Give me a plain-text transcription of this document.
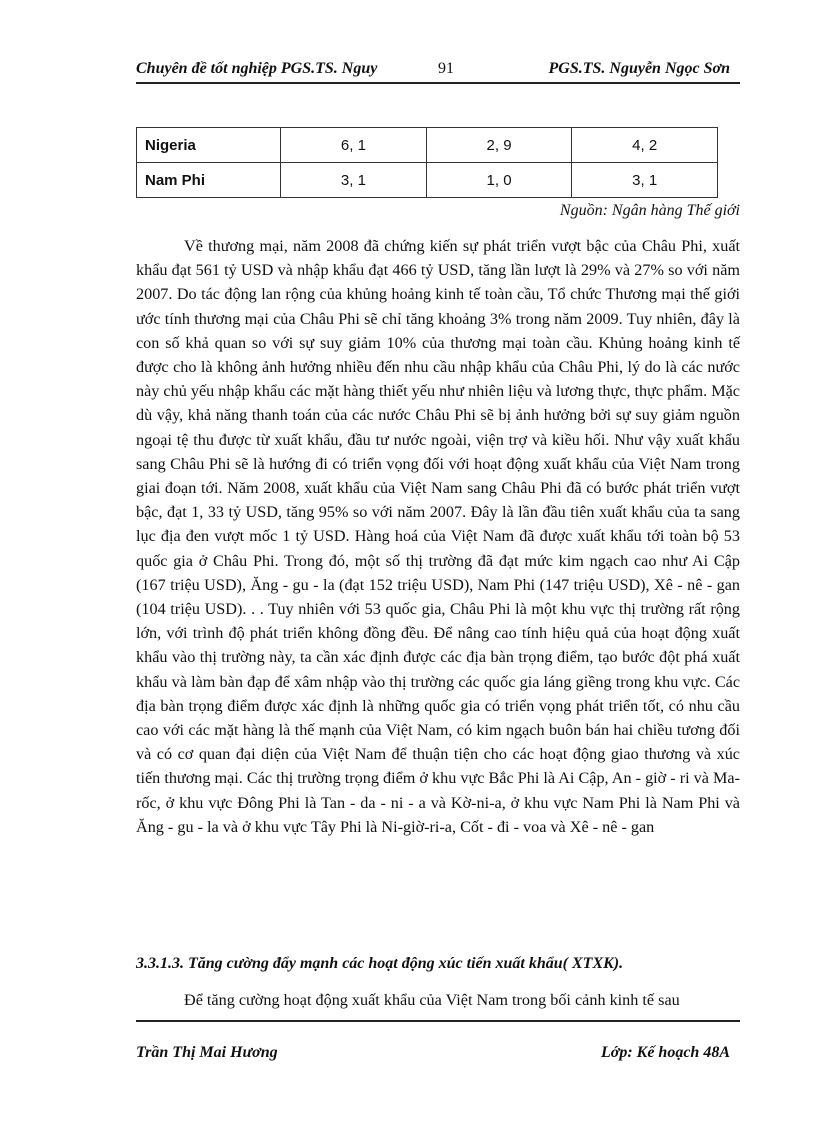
Chuyên đề tốt nghiệp PGS.TS. Nguy	91	PGS.TS. Nguyễn Ngọc Sơn
Nigeria	6, 1	2, 9	4, 2
Nam Phi	3, 1	1, 0	3, 1
Nguồn: Ngân hàng Thế giới

Về thương mại, năm 2008 đã chứng kiến sự phát triển vượt bậc của Châu Phi, xuất khẩu đạt 561 tỷ USD và nhập khẩu đạt 466 tỷ USD, tăng lần lượt là 29% và 27% so với năm 2007. Do tác động lan rộng của khủng hoảng kinh tế toàn cầu, Tổ chức Thương mại thế giới ước tính thương mại của Châu Phi sẽ chỉ tăng khoảng 3% trong năm 2009. Tuy nhiên, đây là con số khả quan so với sự suy giảm 10% của thương mại toàn cầu. Khủng hoảng kinh tế được cho là không ảnh hưởng nhiều đến nhu cầu nhập khẩu của Châu Phi, lý do là các nước này chủ yếu nhập khẩu các mặt hàng thiết yếu như nhiên liệu và lương thực, thực phẩm. Mặc dù vậy, khả năng thanh toán của các nước Châu Phi sẽ bị ảnh hưởng bởi sự suy giảm nguồn ngoại tệ thu được từ xuất khẩu, đầu tư nước ngoài, viện trợ và kiều hối. Như vậy xuất khẩu sang Châu Phi sẽ là hướng đi có triển vọng đối với hoạt động xuất khẩu của Việt Nam trong giai đoạn tới. Năm 2008, xuất khẩu của Việt Nam sang Châu Phi đã có bước phát triển vượt bậc, đạt 1, 33 tỷ USD, tăng 95% so với năm 2007. Đây là lần đầu tiên xuất khẩu của ta sang lục địa đen vượt mốc 1 tỷ USD. Hàng hoá của Việt Nam đã được xuất khẩu tới toàn bộ 53 quốc gia ở Châu Phi. Trong đó, một số thị trường đã đạt mức kim ngạch cao như Ai Cập (167 triệu USD), Ăng - gu - la (đạt 152 triệu USD), Nam Phi (147 triệu USD), Xê - nê - gan (104 triệu USD). . . Tuy nhiên với 53 quốc gia, Châu Phi là một khu vực thị trường rất rộng lớn, với trình độ phát triển không đồng đều. Để nâng cao tính hiệu quả của hoạt động xuất khẩu vào thị trường này, ta cần xác định được các địa bàn trọng điểm, tạo bước đột phá xuất khẩu và làm bàn đạp để xâm nhập vào thị trường các quốc gia láng giềng trong khu vực. Các địa bàn trọng điểm được xác định là những quốc gia có triển vọng phát triển tốt, có nhu cầu cao với các mặt hàng là thế mạnh của Việt Nam, có kim ngạch buôn bán hai chiều tương đối và có cơ quan đại diện của Việt Nam để thuận tiện cho các hoạt động giao thương và xúc tiến thương mại. Các thị trường trọng điểm ở khu vực Bắc Phi là Ai Cập, An - giờ - ri và Ma-rốc, ở khu vực Đông Phi là Tan - da - ni - a và Kờ-ni-a, ở khu vực Nam Phi là Nam Phi và Ăng - gu - la và ở khu vực Tây Phi là Ni-giờ-ri-a, Cốt - đi - voa và Xê - nê - gan

3.3.1.3. Tăng cường đẩy mạnh các hoạt động xúc tiến xuất khẩu( XTXK).

Để tăng cường hoạt động xuất khẩu của Việt Nam trong bối cảnh kinh tế sau

Trần Thị Mai Hương	Lớp: Kế hoạch 48A
